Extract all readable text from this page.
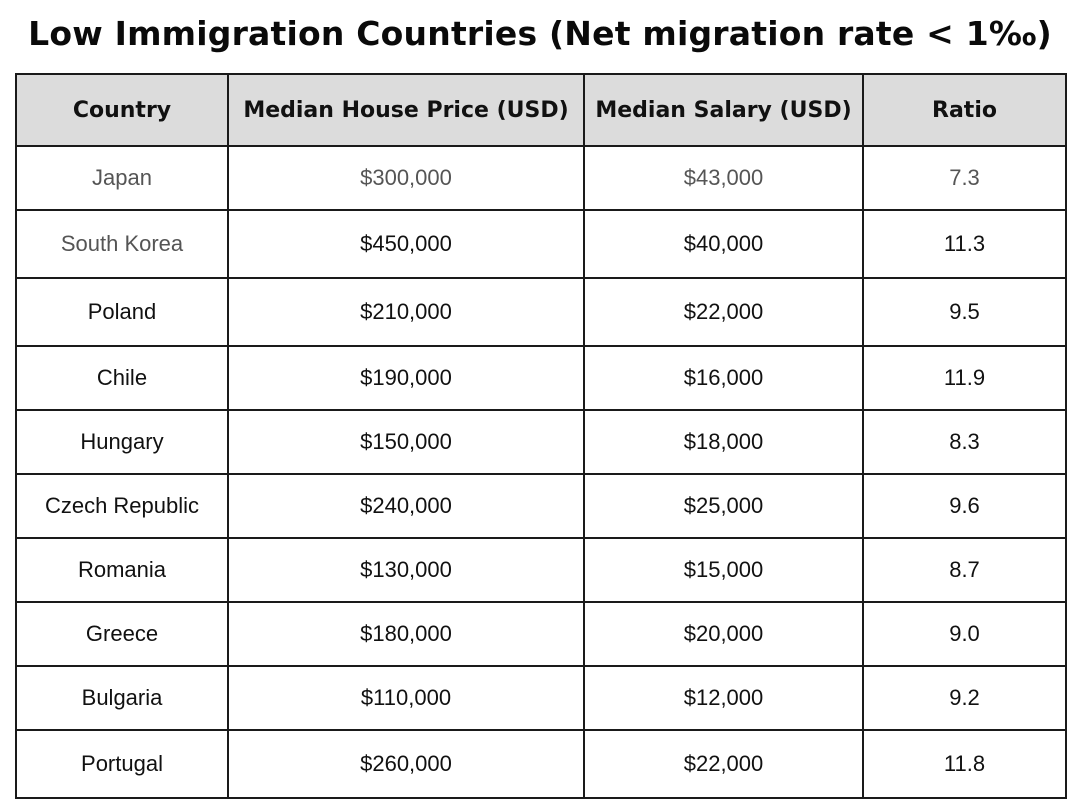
Low Immigration Countries (Net migration rate < 1‰)
Country	Median House Price (USD)	Median Salary (USD)	Ratio
Japan	$300,000	$43,000	7.3
South Korea	$450,000	$40,000	11.3
Poland	$210,000	$22,000	9.5
Chile	$190,000	$16,000	11.9
Hungary	$150,000	$18,000	8.3
Czech Republic	$240,000	$25,000	9.6
Romania	$130,000	$15,000	8.7
Greece	$180,000	$20,000	9.0
Bulgaria	$110,000	$12,000	9.2
Portugal	$260,000	$22,000	11.8
